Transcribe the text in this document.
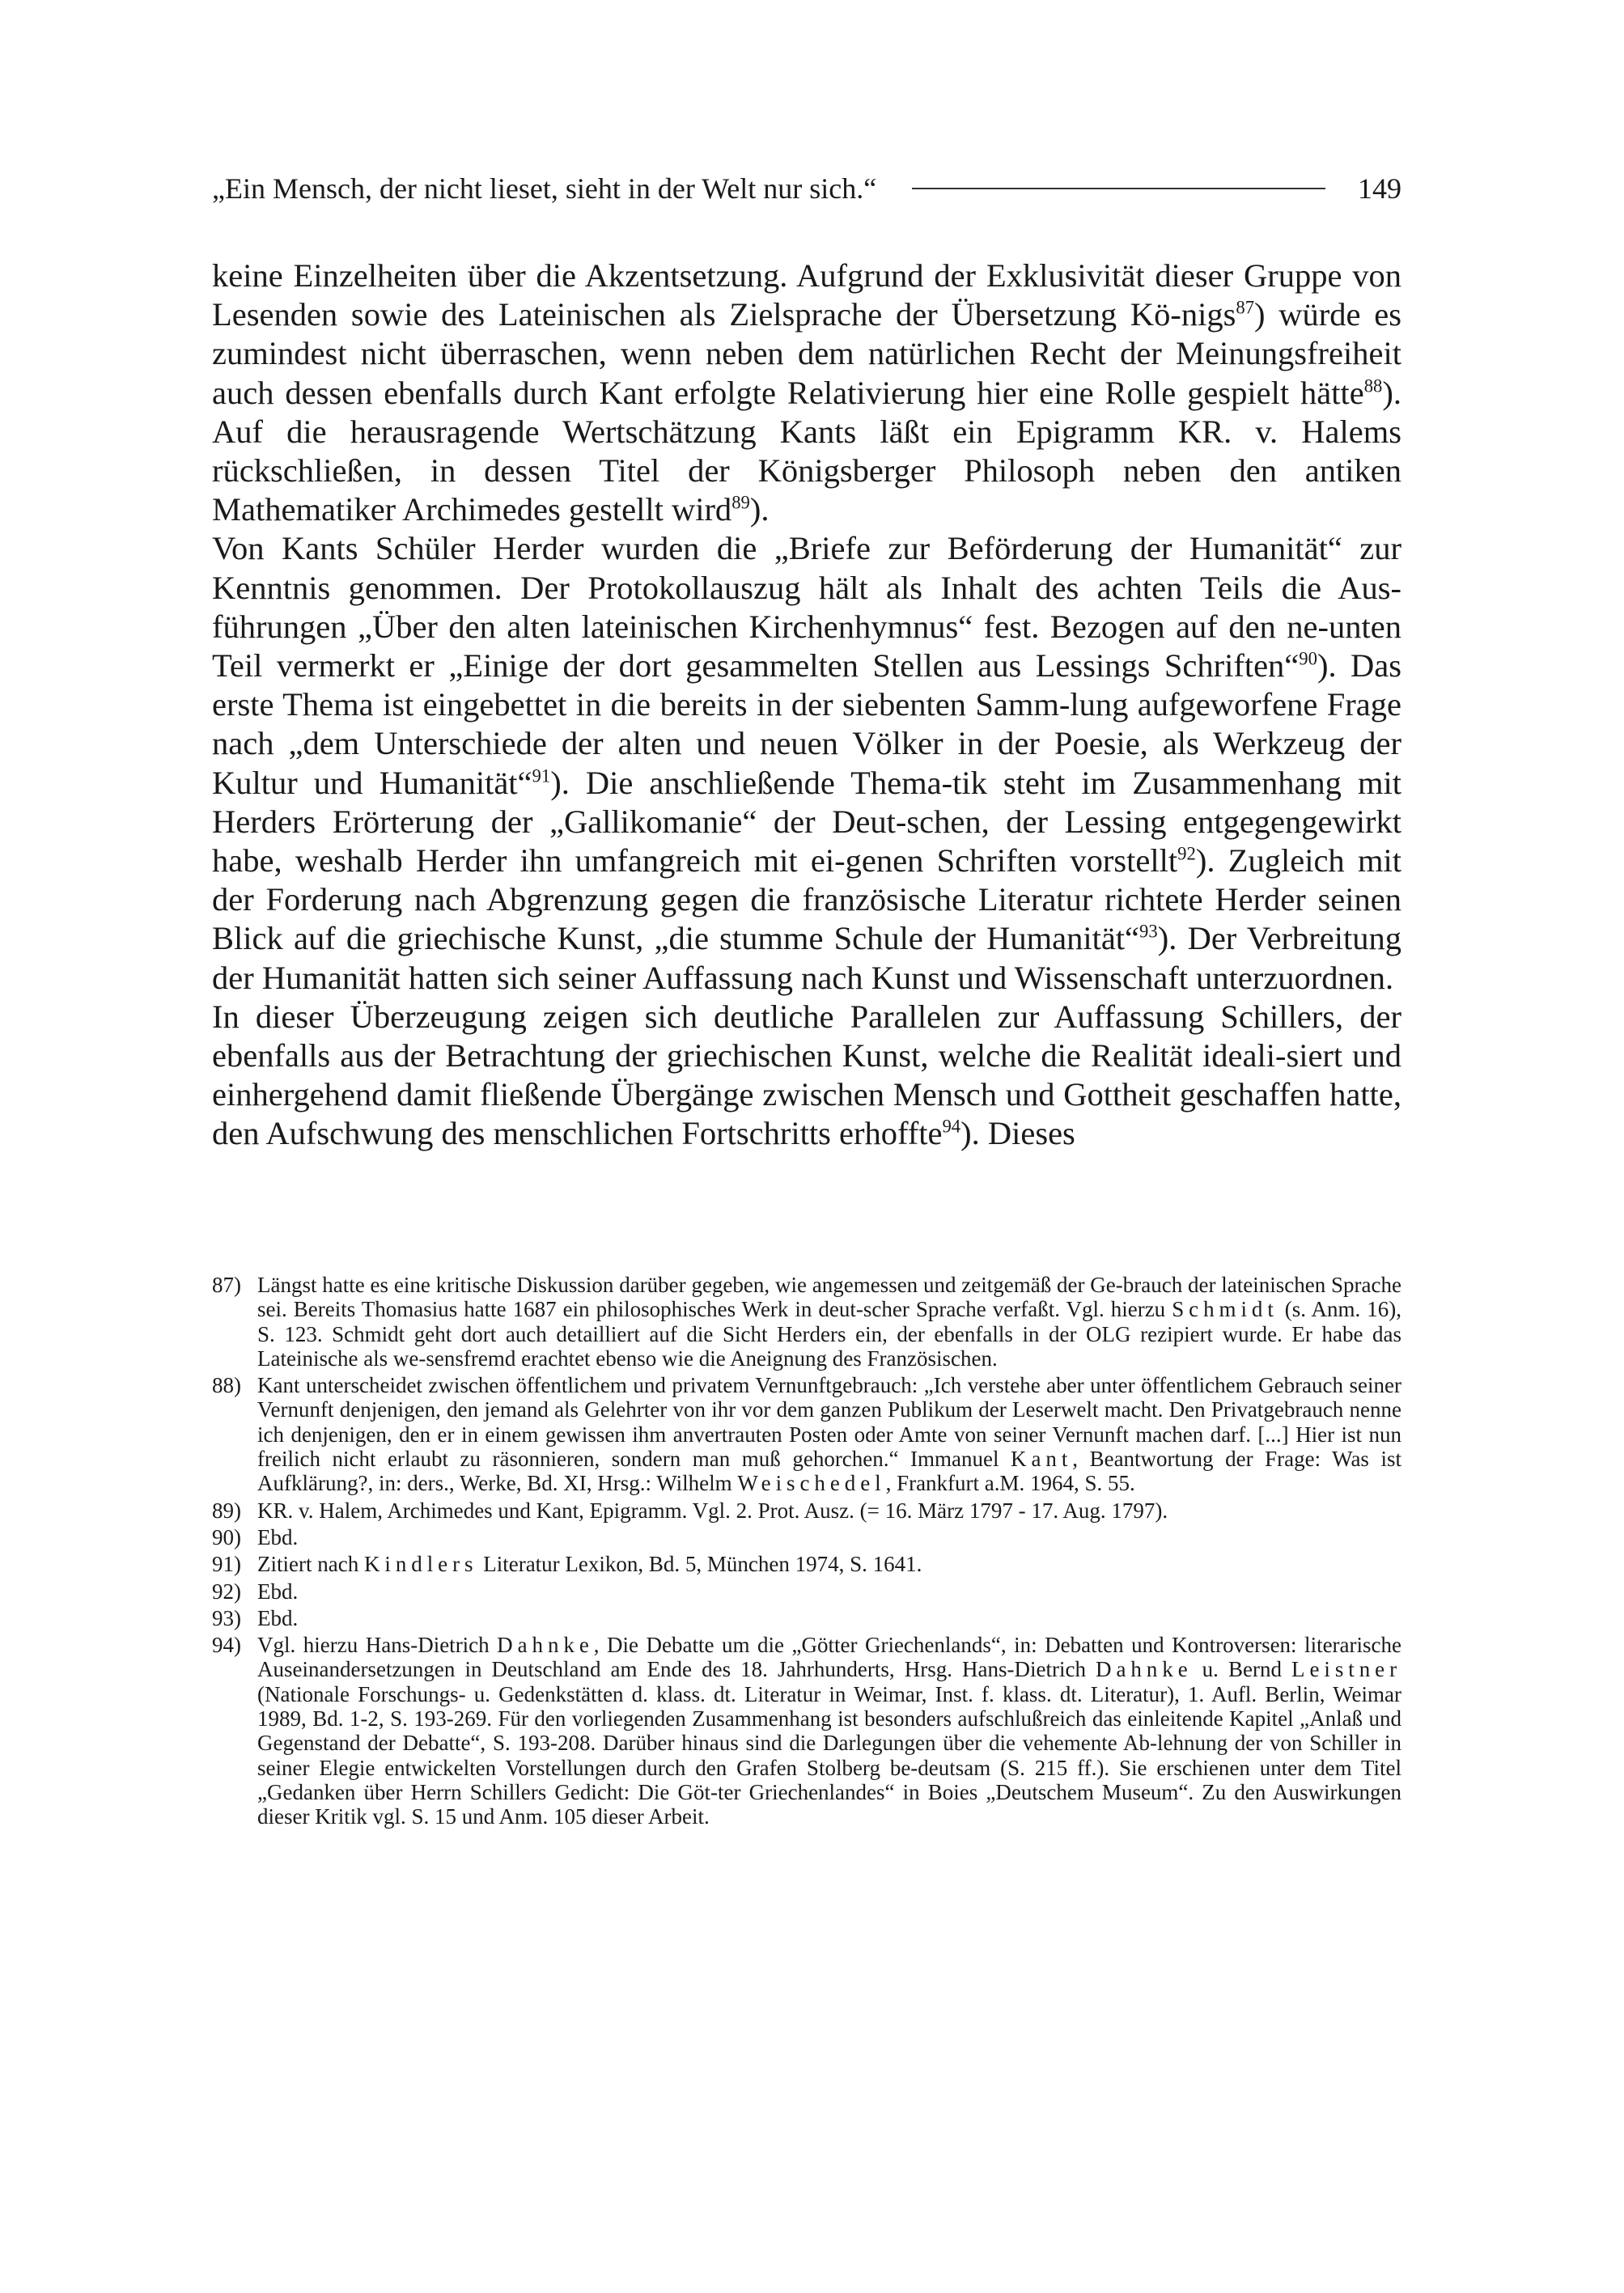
„Ein Mensch, der nicht lieset, sieht in der Welt nur sich.“	149

keine Einzelheiten über die Akzentsetzung. Aufgrund der Exklusivität dieser Gruppe von Lesenden sowie des Lateinischen als Zielsprache der Übersetzung Kö-nigs$^{87}$) würde es zumindest nicht überraschen, wenn neben dem natürlichen Recht der Meinungsfreiheit auch dessen ebenfalls durch Kant erfolgte Relativierung hier eine Rolle gespielt hätte$^{88}$). Auf die herausragende Wertschätzung Kants läßt ein Epigramm KR. v. Halems rückschließen, in dessen Titel der Königsberger Philosoph neben den antiken Mathematiker Archimedes gestellt wird$^{89}$).

Von Kants Schüler Herder wurden die „Briefe zur Beförderung der Humanität“ zur Kenntnis genommen. Der Protokollauszug hält als Inhalt des achten Teils die Aus-führungen „Über den alten lateinischen Kirchenhymnus“ fest. Bezogen auf den ne-unten Teil vermerkt er „Einige der dort gesammelten Stellen aus Lessings Schriften“$^{90}$). Das erste Thema ist eingebettet in die bereits in der siebenten Samm-lung aufgeworfene Frage nach „dem Unterschiede der alten und neuen Völker in der Poesie, als Werkzeug der Kultur und Humanität“$^{91}$). Die anschließende Thema-tik steht im Zusammenhang mit Herders Erörterung der „Gallikomanie“ der Deut-schen, der Lessing entgegengewirkt habe, weshalb Herder ihn umfangreich mit ei-genen Schriften vorstellt$^{92}$). Zugleich mit der Forderung nach Abgrenzung gegen die französische Literatur richtete Herder seinen Blick auf die griechische Kunst, „die stumme Schule der Humanität“$^{93}$). Der Verbreitung der Humanität hatten sich seiner Auffassung nach Kunst und Wissenschaft unterzuordnen.

In dieser Überzeugung zeigen sich deutliche Parallelen zur Auffassung Schillers, der ebenfalls aus der Betrachtung der griechischen Kunst, welche die Realität ideali-siert und einhergehend damit fließende Übergänge zwischen Mensch und Gottheit geschaffen hatte, den Aufschwung des menschlichen Fortschritts erhoffte$^{94}$). Dieses

87) Längst hatte es eine kritische Diskussion darüber gegeben, wie angemessen und zeitgemäß der Ge-brauch der lateinischen Sprache sei. Bereits Thomasius hatte 1687 ein philosophisches Werk in deut-scher Sprache verfaßt. Vgl. hierzu Schmidt (s. Anm. 16), S. 123. Schmidt geht dort auch detailliert auf die Sicht Herders ein, der ebenfalls in der OLG rezipiert wurde. Er habe das Lateinische als we-sensfremd erachtet ebenso wie die Aneignung des Französischen.
88) Kant unterscheidet zwischen öffentlichem und privatem Vernunftgebrauch: „Ich verstehe aber unter öffentlichem Gebrauch seiner Vernunft denjenigen, den jemand als Gelehrter von ihr vor dem ganzen Publikum der Leserwelt macht. Den Privatgebrauch nenne ich denjenigen, den er in einem gewissen ihm anvertrauten Posten oder Amte von seiner Vernunft machen darf. [...] Hier ist nun freilich nicht erlaubt zu räsonnieren, sondern man muß gehorchen.“ Immanuel Kant, Beantwortung der Frage: Was ist Aufklärung?, in: ders., Werke, Bd. XI, Hrsg.: Wilhelm Weischedel, Frankfurt a.M. 1964, S. 55.
89) KR. v. Halem, Archimedes und Kant, Epigramm. Vgl. 2. Prot. Ausz. (= 16. März 1797 - 17. Aug. 1797).
90) Ebd.
91) Zitiert nach Kindlers Literatur Lexikon, Bd. 5, München 1974, S. 1641.
92) Ebd.
93) Ebd.
94) Vgl. hierzu Hans-Dietrich Dahnke, Die Debatte um die „Götter Griechenlands“, in: Debatten und Kontroversen: literarische Auseinandersetzungen in Deutschland am Ende des 18. Jahrhunderts, Hrsg. Hans-Dietrich Dahnke u. Bernd Leistner (Nationale Forschungs- u. Gedenkstätten d. klass. dt. Literatur in Weimar, Inst. f. klass. dt. Literatur), 1. Aufl. Berlin, Weimar 1989, Bd. 1-2, S. 193-269. Für den vorliegenden Zusammenhang ist besonders aufschlußreich das einleitende Kapitel „Anlaß und Gegenstand der Debatte“, S. 193-208. Darüber hinaus sind die Darlegungen über die vehemente Ab-lehnung der von Schiller in seiner Elegie entwickelten Vorstellungen durch den Grafen Stolberg be-deutsam (S. 215 ff.). Sie erschienen unter dem Titel „Gedanken über Herrn Schillers Gedicht: Die Göt-ter Griechenlandes“ in Boies „Deutschem Museum“. Zu den Auswirkungen dieser Kritik vgl. S. 15 und Anm. 105 dieser Arbeit.
